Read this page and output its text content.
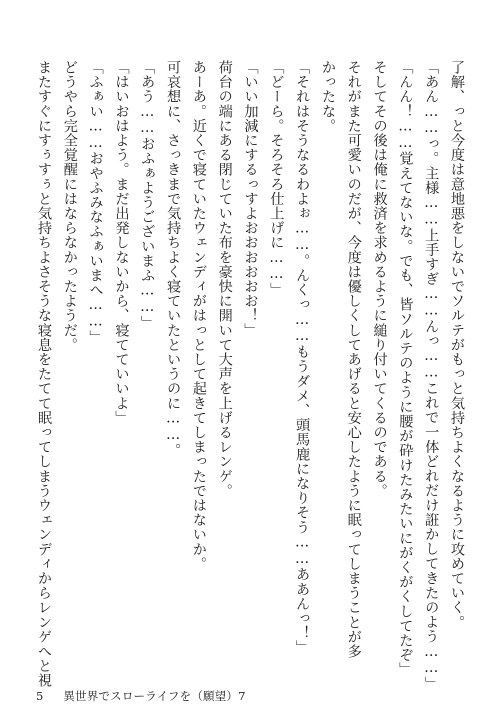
了解、っと今度は意地悪をしないでソルテがもっと気持ちよくなるように攻めていく。
「あん……っ。主様……上手すぎ……んっ……これで一体どれだけ誑かしてきたのよう……」
「んん！……覚えてないな。でも、皆ソルテのように腰が砕けたみたいにがくがくしてたぞ」
そしてその後は俺に救済を求めるように縋り付いてくるのである。
それがまた可愛いのだが、今度は優しくしてあげると安心したように眠ってしまうことが多
かったな。
「それはそうなるわよぉ……。んくっ……もうダメ、頭馬鹿になりそう……ああんっ！」
「どーら。そろそろ仕上げに……」
「いい加減にするっすよおおおおおお！」
荷台の端にある閉じていた布を豪快に開いて大声を上げるレンゲ。
あーあ。近くで寝ていたウェンディがはっとして起きてしまったではないか。
可哀想に、さっきまで気持ちよく寝ていたというのに……。
「あう……おふぁようございまふ……」
「はいおはよう。まだ出発しないから、寝てていいよ」
「ふぁい……おやふみなふぁいまへ……」
どうやら完全覚醒にはならなかったようだ。
またすぐにすぅすぅと気持ちよさそうな寝息をたてて眠ってしまうウェンディからレンゲへと視
5 異世界でスローライフを（願望）7
